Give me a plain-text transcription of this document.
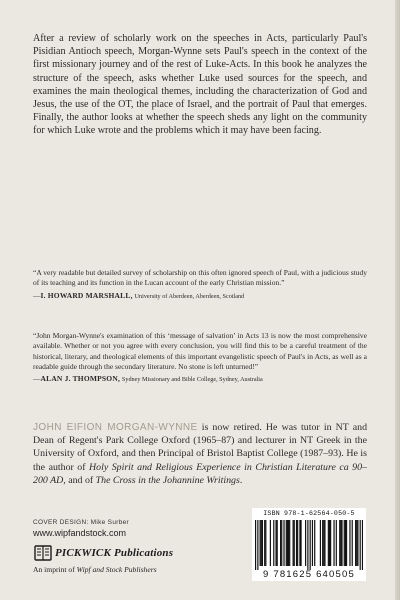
After a review of scholarly work on the speeches in Acts, particularly Paul's Pisidian Antioch speech, Morgan-Wynne sets Paul's speech in the context of the first missionary journey and of the rest of Luke-Acts. In this book he analyzes the structure of the speech, asks whether Luke used sources for the speech, and examines the main theological themes, including the characterization of God and Jesus, the use of the OT, the place of Israel, and the portrait of Paul that emerges. Finally, the author looks at whether the speech sheds any light on the community for which Luke wrote and the problems which it may have been facing.

“A very readable but detailed survey of scholarship on this often ignored speech of Paul, with a judicious study of its teaching and its function in the Lucan account of the early Christian mission.”
—I. HOWARD MARSHALL, University of Aberdeen, Aberdeen, Scotland
“John Morgan-Wynne's examination of this ‘message of salvation’ in Acts 13 is now the most comprehensive available. Whether or not you agree with every conclusion, you will find this to be a careful treatment of the historical, literary, and theological elements of this important evangelistic speech of Paul's in Acts, as well as a readable guide through the secondary literature. No stone is left unturned!”
—ALAN J. THOMPSON, Sydney Missionary and Bible College, Sydney, Australia

JOHN EIFION MORGAN-WYNNE is now retired. He was tutor in NT and Dean of Regent's Park College Oxford (1965–87) and lecturer in NT Greek in the University of Oxford, and then Principal of Bristol Baptist College (1987–93). He is the author of Holy Spirit and Religious Experience in Christian Literature ca 90–200 AD, and of The Cross in the Johannine Writings.

COVER DESIGN: Mike Surber
www.wipfandstock.com
PICKWICK Publications
An imprint of Wipf and Stock Publishers
ISBN 978-1-62564-050-5
9 781625 640505
